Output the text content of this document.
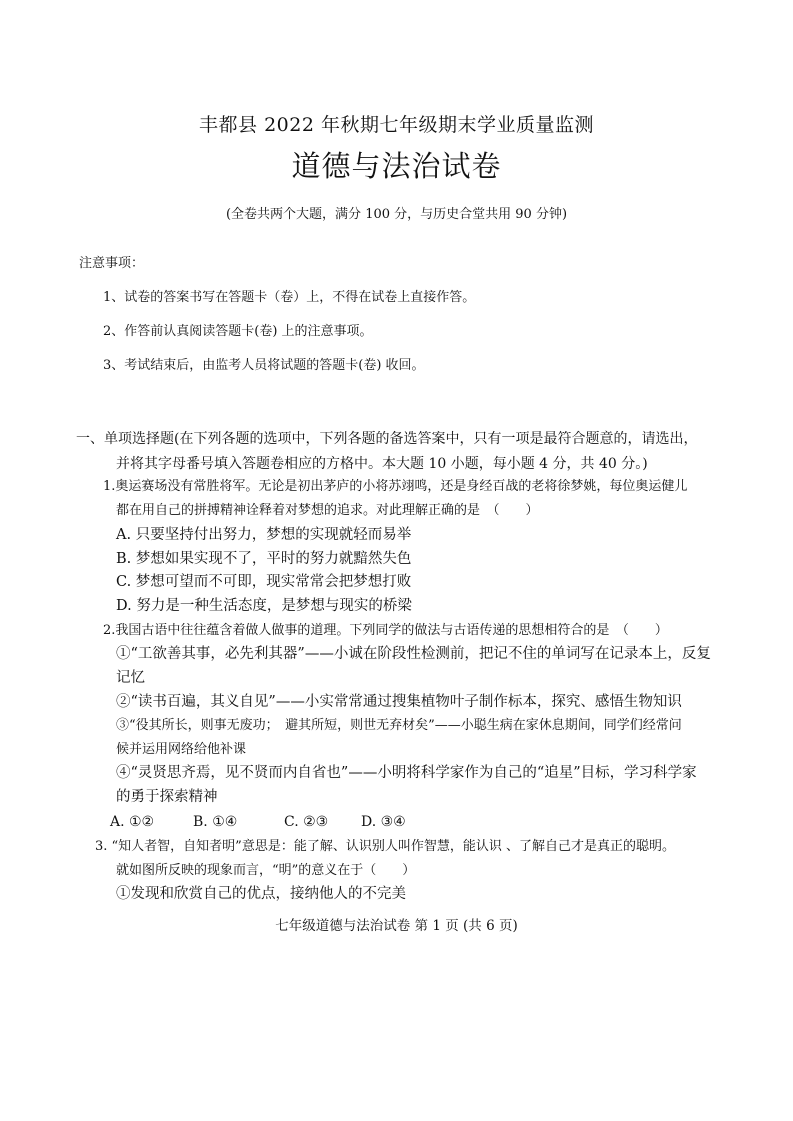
丰都县 2022 年秋期七年级期末学业质量监测
道德与法治试卷
(全卷共两个大题，满分 100 分，与历史合堂共用 90 分钟)
注意事项：
1、试卷的答案书写在答题卡（卷）上，不得在试卷上直接作答。
2、作答前认真阅读答题卡(卷) 上的注意事项。
3、考试结束后，由监考人员将试题的答题卡(卷) 收回。
一、单项选择题(在下列各题的选项中，下列各题的备选答案中，只有一项是最符合题意的，请选出，
并将其字母番号填入答题卷相应的方格中。本大题 10 小题，每小题 4 分，共 40 分。)
1.奥运赛场没有常胜将军。无论是初出茅庐的小将苏翊鸣，还是身经百战的老将徐梦姚，每位奥运健儿
都在用自己的拼搏精神诠释着对梦想的追求。对此理解正确的是　（　　）
A. 只要坚持付出努力，梦想的实现就轻而易举
B. 梦想如果实现不了，平时的努力就黯然失色
C. 梦想可望而不可即，现实常常会把梦想打败
D. 努力是一种生活态度，是梦想与现实的桥梁
2.我国古语中往往蕴含着做人做事的道理。下列同学的做法与古语传递的思想相符合的是　（　　）
①“工欲善其事，必先利其器”——小诚在阶段性检测前，把记不住的单词写在记录本上，反复
记忆
②“读书百遍，其义自见”——小实常常通过搜集植物叶子制作标本，探究、感悟生物知识
③“役其所长，则事无废功；　避其所短，则世无弃材矣”——小聪生病在家休息期间，同学们经常问
候并运用网络给他补课
④“灵贤思齐焉，见不贤而内自省也”——小明将科学家作为自己的“追星”目标，学习科学家
的勇于探索精神
A. ①②	B. ①④	C. ②③ D. ③④
3. “知人者智，自知者明”意思是：能了解、认识别人叫作智慧，能认识 、了解自己才是真正的聪明。
就如图所反映的现象而言，“明”的意义在于（　　）
①发现和欣赏自己的优点，接纳他人的不完美
七年级道德与法治试卷 第 1 页 (共 6 页)
